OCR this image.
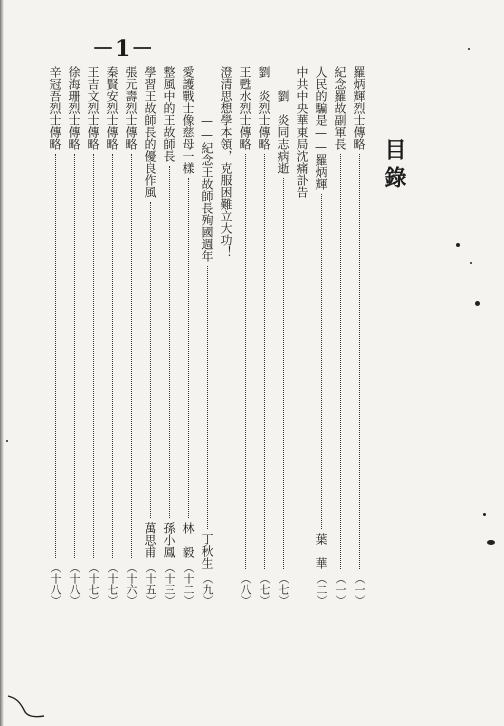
目錄
－1－
羅炳輝烈士傳略
（一）
紀念羅故副軍長
（一）
人民的騙是——羅炳輝
葉　華
（二）
中共中央華東局沈痛訃告
劉　炎同志病逝
（七）
劉　炎烈士傳略
（七）
王甦水烈士傳略
（八）
澄清思想學本領，克服困難立大功！
——紀念王故師長殉國週年
丁秋生
（九）
愛護戰士像慈母一樣
林　毅
（十二）
整風中的王故師長
孫小鳳
（十三）
學習王故師長的優良作風
萬思甫
（十五）
張元壽烈士傳略
（十六）
秦賢安烈士傳略
（十七）
王吉文烈士傳略
（十七）
徐海珊烈士傳略
（十八）
辛冠吾烈士傳略
（十八）
